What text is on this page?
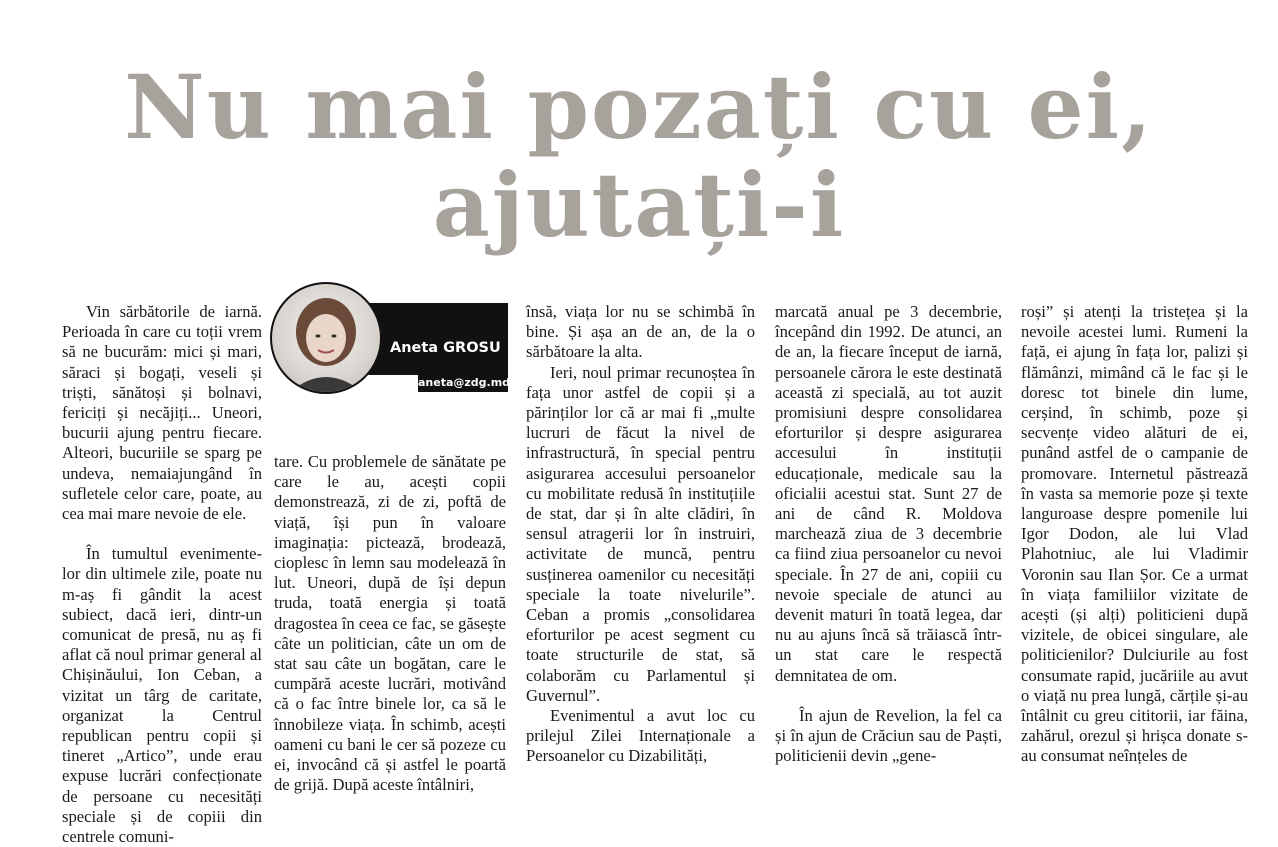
Nu mai pozați cu ei,
ajutați-i
Aneta GROSU
aneta@zdg.md

Vin sărbătorile de iarnă. Perioada în care cu toții vrem să ne bucurăm: mici și mari, săraci și bogați, veseli și triști, sănătoși și bolnavi, fericiți și necăjiți... Uneori, bucurii ajung pentru fiecare. Alteori, bucuriile se sparg pe undeva, nemaiajungând în sufletele celor care, poate, au cea mai mare nevoie de ele.

În tumultul evenimente-lor din ultimele zile, poate nu m-aș fi gândit la acest subiect, dacă ieri, dintr-un comunicat de presă, nu aș fi aflat că noul primar general al Chișinăului, Ion Ceban, a vizitat un târg de caritate, organizat la Centrul republican pentru copii și tineret „Artico”, unde erau expuse lucrări confecționate de persoane cu necesități speciale și de copiii din centrele comuni-

tare. Cu problemele de sănătate pe care le au, acești copii demonstrează, zi de zi, poftă de viață, își pun în valoare imaginația: pictează, brodează, cioplesc în lemn sau modelează în lut. Uneori, după de își depun truda, toată energia și toată dragostea în ceea ce fac, se găsește câte un politician, câte un om de stat sau câte un bogătan, care le cumpără aceste lucrări, motivând că o fac între binele lor, ca să le înnobileze viața. În schimb, acești oameni cu bani le cer să pozeze cu ei, invocând că și astfel le poartă de grijă. După aceste întâlniri,

însă, viața lor nu se schimbă în bine. Și așa an de an, de la o sărbătoare la alta.

Ieri, noul primar recunoștea în fața unor astfel de copii și a părinților lor că ar mai fi „multe lucruri de făcut la nivel de infrastructură, în special pentru asigurarea accesului persoanelor cu mobilitate redusă în instituțiile de stat, dar și în alte clădiri, în sensul atragerii lor în instruiri, activitate de muncă, pentru susținerea oamenilor cu necesități speciale la toate nivelurile”. Ceban a promis „consolidarea eforturilor pe acest segment cu toate structurile de stat, să colaborăm cu Parlamentul și Guvernul”.

Evenimentul a avut loc cu prilejul Zilei Internaționale a Persoanelor cu Dizabilități,

marcată anual pe 3 decembrie, începând din 1992. De atunci, an de an, la fiecare început de iarnă, persoanele cărora le este destinată această zi specială, au tot auzit promisiuni despre consolidarea eforturilor și despre asigurarea accesului în instituții educaționale, medicale sau la oficialii acestui stat. Sunt 27 de ani de când R. Moldova marchează ziua de 3 decembrie ca fiind ziua persoanelor cu nevoi speciale. În 27 de ani, copiii cu nevoie speciale de atunci au devenit maturi în toată legea, dar nu au ajuns încă să trăiască într-un stat care le respectă demnitatea de om.

În ajun de Revelion, la fel ca și în ajun de Crăciun sau de Paști, politicienii devin „gene-

roși” și atenți la tristețea și la nevoile acestei lumi. Rumeni la față, ei ajung în fața lor, palizi și flămânzi, mimând că le fac și le doresc tot binele din lume, cerșind, în schimb, poze și secvențe video alături de ei, punând astfel de o campanie de promovare. Internetul păstrează în vasta sa memorie poze și texte languroase despre pomenile lui Igor Dodon, ale lui Vlad Plahotniuc, ale lui Vladimir Voronin sau Ilan Șor. Ce a urmat în viața familiilor vizitate de acești (și alți) politicieni după vizitele, de obicei singulare, ale politicienilor? Dulciurile au fost consumate rapid, jucăriile au avut o viață nu prea lungă, cărțile și-au întâlnit cu greu cititorii, iar făina, zahărul, orezul și hrișca donate s-au consumat neînțeles de
